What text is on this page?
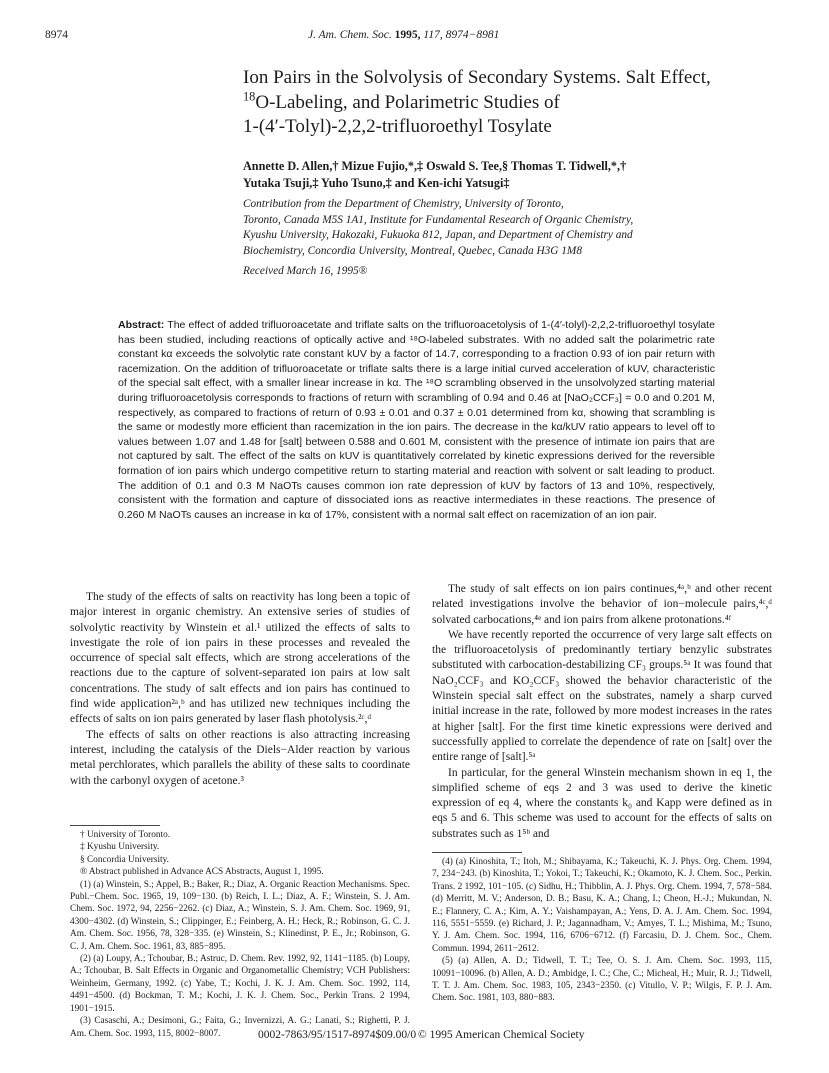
8974	J. Am. Chem. Soc. 1995, 117, 8974−8981
Ion Pairs in the Solvolysis of Secondary Systems. Salt Effect,
$^{18}$O-Labeling, and Polarimetric Studies of
1-(4′-Tolyl)-2,2,2-trifluoroethyl Tosylate
Annette D. Allen,† Mizue Fujio,*,‡ Oswald S. Tee,§ Thomas T. Tidwell,*,†
Yutaka Tsuji,‡ Yuho Tsuno,‡ and Ken-ichi Yatsugi‡
Contribution from the Department of Chemistry, University of Toronto,
Toronto, Canada M5S 1A1, Institute for Fundamental Research of Organic Chemistry,
Kyushu University, Hakozaki, Fukuoka 812, Japan, and Department of Chemistry and
Biochemistry, Concordia University, Montreal, Quebec, Canada H3G 1M8
Received March 16, 1995®
Abstract: The effect of added trifluoroacetate and triflate salts on the trifluoroacetolysis of 1-(4′-tolyl)-2,2,2-trifluoroethyl tosylate has been studied, including reactions of optically active and ¹⁸O-labeled substrates. With no added salt the polarimetric rate constant kα exceeds the solvolytic rate constant kUV by a factor of 14.7, corresponding to a fraction 0.93 of ion pair return with racemization. On the addition of trifluoroacetate or triflate salts there is a large initial curved acceleration of kUV, characteristic of the special salt effect, with a smaller linear increase in kα. The ¹⁸O scrambling observed in the unsolvolyzed starting material during trifluoroacetolysis corresponds to fractions of return with scrambling of 0.94 and 0.46 at [NaO₂CCF₃] = 0.0 and 0.201 M, respectively, as compared to fractions of return of 0.93 ± 0.01 and 0.37 ± 0.01 determined from kα, showing that scrambling is the same or modestly more efficient than racemization in the ion pairs. The decrease in the kα/kUV ratio appears to level off to values between 1.07 and 1.48 for [salt] between 0.588 and 0.601 M, consistent with the presence of intimate ion pairs that are not captured by salt. The effect of the salts on kUV is quantitatively correlated by kinetic expressions derived for the reversible formation of ion pairs which undergo competitive return to starting material and reaction with solvent or salt leading to product. The addition of 0.1 and 0.3 M NaOTs causes common ion rate depression of kUV by factors of 13 and 10%, respectively, consistent with the formation and capture of dissociated ions as reactive intermediates in these reactions. The presence of 0.260 M NaOTs causes an increase in kα of 17%, consistent with a normal salt effect on racemization of an ion pair.

The study of the effects of salts on reactivity has long been a topic of major interest in organic chemistry. An extensive series of studies of solvolytic reactivity by Winstein et al.¹ utilized the effects of salts to investigate the role of ion pairs in these processes and revealed the occurrence of special salt effects, which are strong accelerations of the reactions due to the capture of solvent-separated ion pairs at low salt concentrations. The study of salt effects and ion pairs has continued to find wide application²ᵃ,ᵇ and has utilized new techniques including the effects of salts on ion pairs generated by laser flash photolysis.²ᶜ,ᵈ

The effects of salts on other reactions is also attracting increasing interest, including the catalysis of the Diels−Alder reaction by various metal perchlorates, which parallels the ability of these salts to coordinate with the carbonyl oxygen of acetone.³

The study of salt effects on ion pairs continues,⁴ᵃ,ᵇ and other recent related investigations involve the behavior of ion−molecule pairs,⁴ᶜ,ᵈ solvated carbocations,⁴ᵉ and ion pairs from alkene protonations.⁴ᶠ

We have recently reported the occurrence of very large salt effects on the trifluoroacetolysis of predominantly tertiary benzylic substrates substituted with carbocation-destabilizing CF₃ groups.⁵ᵃ It was found that NaO₂CCF₃ and KO₂CCF₃ showed the behavior characteristic of the Winstein special salt effect on the substrates, namely a sharp curved initial increase in the rate, followed by more modest increases in the rates at higher [salt]. For the first time kinetic expressions were derived and successfully applied to correlate the dependence of rate on [salt] over the entire range of [salt].⁵ᵃ

In particular, for the general Winstein mechanism shown in eq 1, the simplified scheme of eqs 2 and 3 was used to derive the kinetic expression of eq 4, where the constants k₀ and Kapp were defined as in eqs 5 and 6. This scheme was used to account for the effects of salts on substrates such as 1⁵ᵇ and

† University of Toronto.
‡ Kyushu University.
§ Concordia University.
® Abstract published in Advance ACS Abstracts, August 1, 1995.
(1) (a) Winstein, S.; Appel, B.; Baker, R.; Diaz, A. Organic Reaction Mechanisms. Spec. Publ.−Chem. Soc. 1965, 19, 109−130. (b) Reich, I. L.; Diaz, A. F.; Winstein, S. J. Am. Chem. Soc. 1972, 94, 2256−2262. (c) Diaz, A.; Winstein, S. J. Am. Chem. Soc. 1969, 91, 4300−4302. (d) Winstein, S.; Clippinger, E.; Feinberg, A. H.; Heck, R.; Robinson, G. C. J. Am. Chem. Soc. 1956, 78, 328−335. (e) Winstein, S.; Klinedinst, P. E., Jr.; Robinson, G. C. J. Am. Chem. Soc. 1961, 83, 885−895.
(2) (a) Loupy, A.; Tchoubar, B.; Astruc, D. Chem. Rev. 1992, 92, 1141−1185. (b) Loupy, A.; Tchoubar, B. Salt Effects in Organic and Organometallic Chemistry; VCH Publishers: Weinheim, Germany, 1992. (c) Yabe, T.; Kochi, J. K. J. Am. Chem. Soc. 1992, 114, 4491−4500. (d) Bockman, T. M.; Kochi, J. K. J. Chem. Soc., Perkin Trans. 2 1994, 1901−1915.
(3) Casaschi, A.; Desimoni, G.; Faita, G.; Invernizzi, A. G.; Lanati, S.; Righetti, P. J. Am. Chem. Soc. 1993, 115, 8002−8007.
(4) (a) Kinoshita, T.; Itoh, M.; Shibayama, K.; Takeuchi, K. J. Phys. Org. Chem. 1994, 7, 234−243. (b) Kinoshita, T.; Yokoi, T.; Takeuchi, K.; Okamoto, K. J. Chem. Soc., Perkin. Trans. 2 1992, 101−105. (c) Sidhu, H.; Thibblin, A. J. Phys. Org. Chem. 1994, 7, 578−584. (d) Merritt, M. V.; Anderson, D. B.; Basu, K. A.; Chang, I.; Cheon, H.-J.; Mukundan, N. E.; Flannery, C. A.; Kim, A. Y.; Vaishampayan, A.; Yens, D. A. J. Am. Chem. Soc. 1994, 116, 5551−5559. (e) Richard, J. P.; Jagannadham, V.; Amyes, T. L.; Mishima, M.; Tsuno, Y. J. Am. Chem. Soc. 1994, 116, 6706−6712. (f) Farcasiu, D. J. Chem. Soc., Chem. Commun. 1994, 2611−2612.
(5) (a) Allen, A. D.; Tidwell, T. T.; Tee, O. S. J. Am. Chem. Soc. 1993, 115, 10091−10096. (b) Allen, A. D.; Ambidge, I. C.; Che, C.; Micheal, H.; Muir, R. J.; Tidwell, T. T. J. Am. Chem. Soc. 1983, 105, 2343−2350. (c) Vitullo, V. P.; Wilgis, F. P. J. Am. Chem. Soc. 1981, 103, 880−883.
0002-7863/95/1517-8974$09.00/0 © 1995 American Chemical Society
